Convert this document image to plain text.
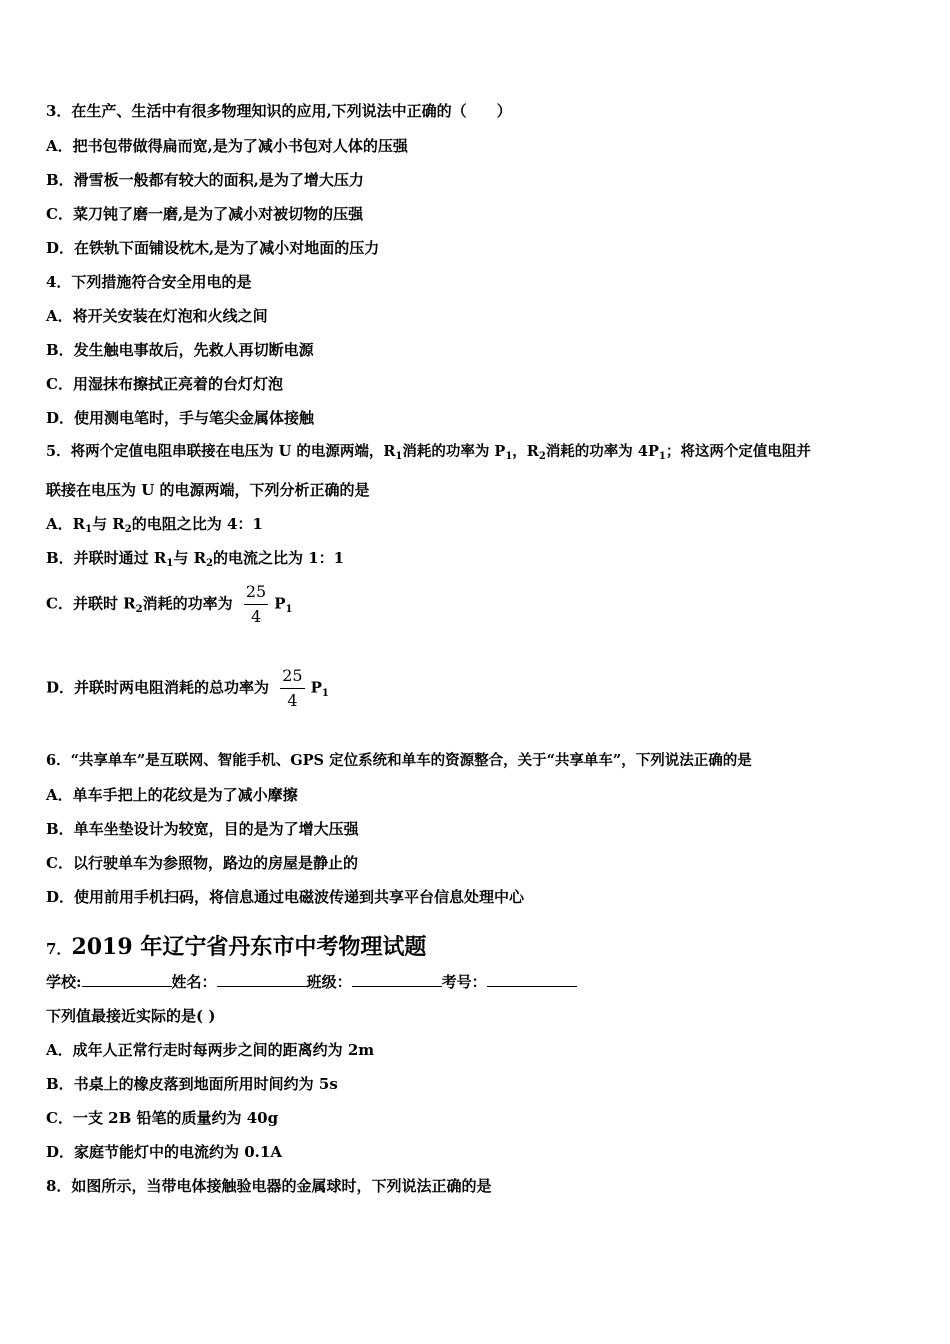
3．在生产、生活中有很多物理知识的应用,下列说法中正确的（　　）
A．把书包带做得扁而宽,是为了减小书包对人体的压强
B．滑雪板一般都有较大的面积,是为了增大压力
C．菜刀钝了磨一磨,是为了减小对被切物的压强
D．在铁轨下面铺设枕木,是为了减小对地面的压力
4．下列措施符合安全用电的是
A．将开关安装在灯泡和火线之间
B．发生触电事故后，先救人再切断电源
C．用湿抹布擦拭正亮着的台灯灯泡
D．使用测电笔时，手与笔尖金属体接触
5．将两个定值电阻串联接在电压为 U 的电源两端，$R_1$消耗的功率为 $P_1$，$R_2$消耗的功率为 $4P_1$；将这两个定值电阻并
联接在电压为 U 的电源两端，下列分析正确的是
A．$R_1$与 $R_2$的电阻之比为 4：1
B．并联时通过 $R_1$与 $R_2$的电流之比为 1：1
C．并联时 $R_2$消耗的功率为 $\frac{25}{4} P_1$
D．并联时两电阻消耗的总功率为 $\frac{25}{4} P_1$
6．“共享单车”是互联网、智能手机、GPS 定位系统和单车的资源整合，关于“共享单车”，下列说法正确的是
A．单车手把上的花纹是为了减小摩擦
B．单车坐垫设计为较宽，目的是为了增大压强
C．以行驶单车为参照物，路边的房屋是静止的
D．使用前用手机扫码，将信息通过电磁波传递到共享平台信息处理中心
7．2019 年辽宁省丹东市中考物理试题
学校:	姓名：	班级：	考号：
下列值最接近实际的是( )
A．成年人正常行走时每两步之间的距离约为 2m
B．书桌上的橡皮落到地面所用时间约为 5s
C．一支 2B 铅笔的质量约为 40g
D．家庭节能灯中的电流约为 0.1A
8．如图所示，当带电体接触验电器的金属球时，下列说法正确的是
